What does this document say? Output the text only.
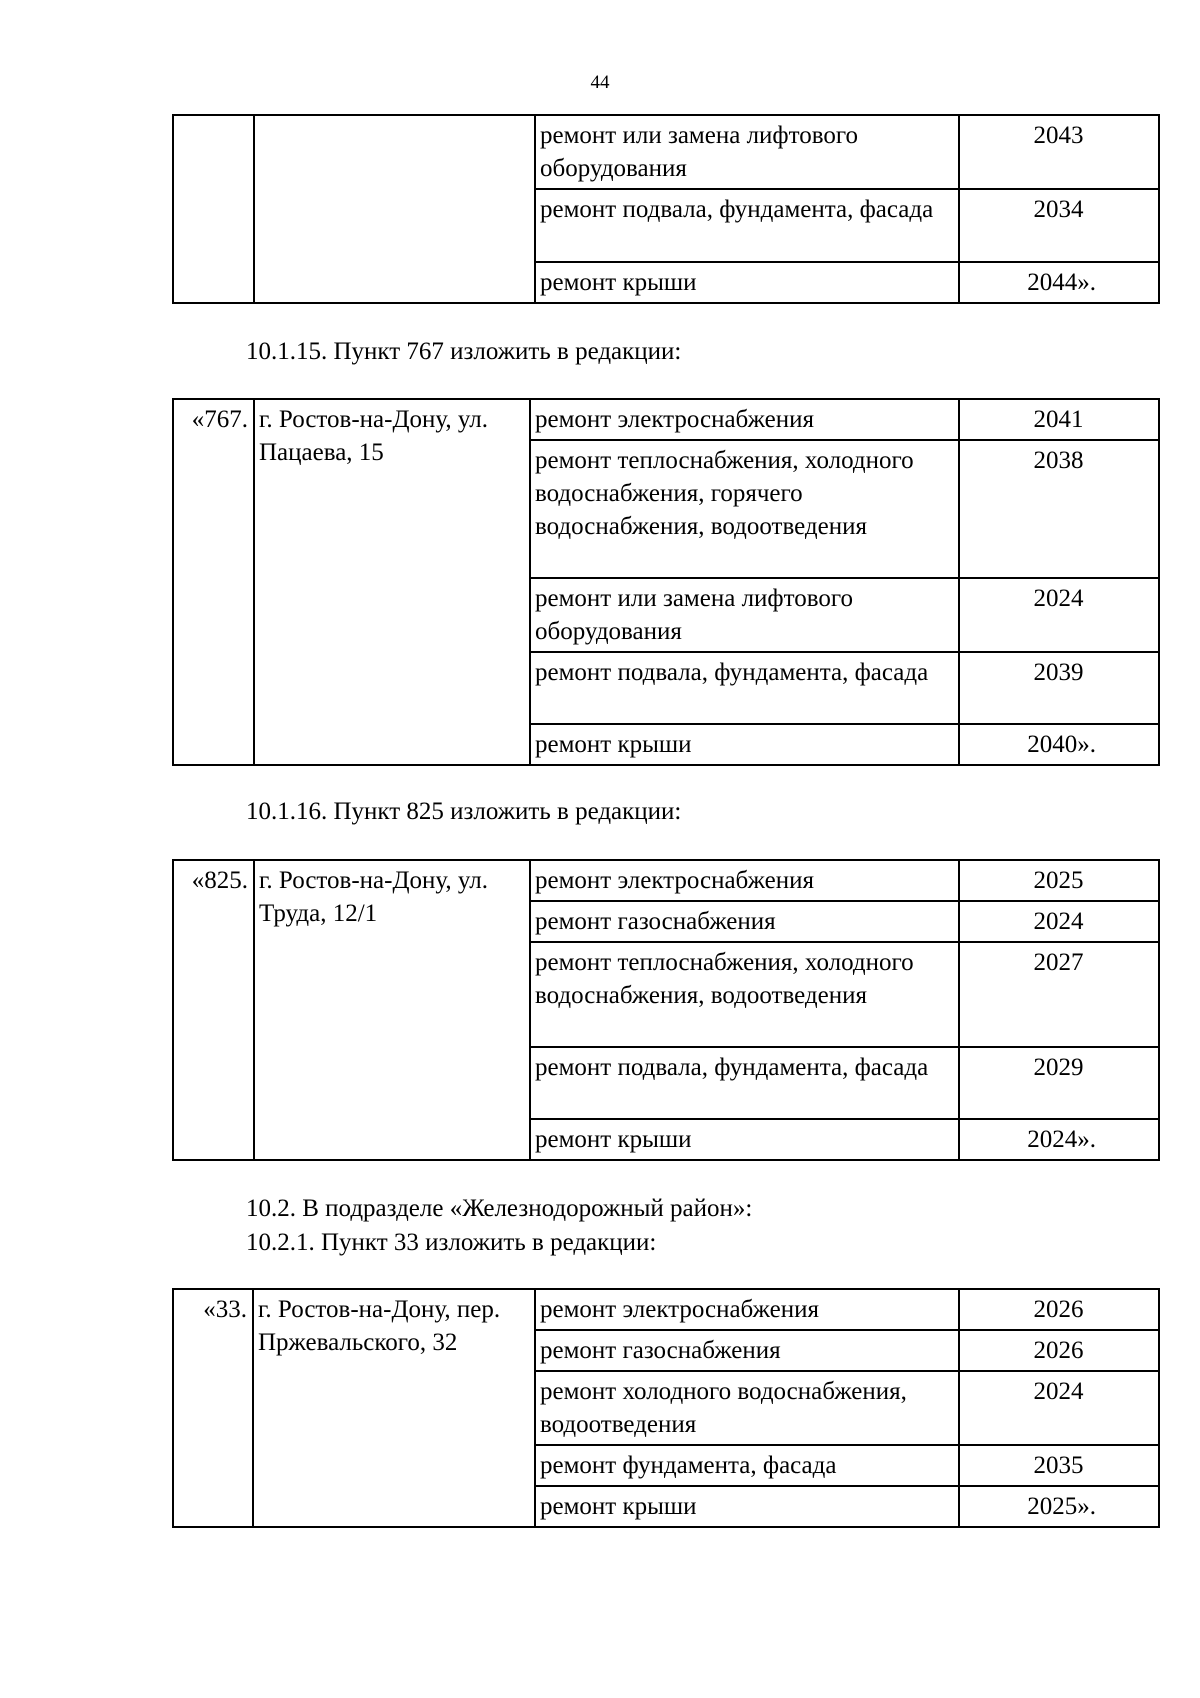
44
		ремонт или замена лифтового оборудования	2043
		ремонт подвала, фундамента, фасада	2034
		ремонт крыши	2044».
10.1.15. Пункт 767 изложить в редакции:
«767.	г. Ростов-на-Дону, ул. Пацаева, 15	ремонт электроснабжения	2041
		ремонт теплоснабжения, холодного водоснабжения, горячего водоснабжения, водоотведения	2038
		ремонт или замена лифтового оборудования	2024
		ремонт подвала, фундамента, фасада	2039
		ремонт крыши	2040».
10.1.16. Пункт 825 изложить в редакции:
«825.	г. Ростов-на-Дону, ул. Труда, 12/1	ремонт электроснабжения	2025
		ремонт газоснабжения	2024
		ремонт теплоснабжения, холодного водоснабжения, водоотведения	2027
		ремонт подвала, фундамента, фасада	2029
		ремонт крыши	2024».
10.2. В подразделе «Железнодорожный район»:
10.2.1. Пункт 33 изложить в редакции:
«33.	г. Ростов-на-Дону, пер. Пржевальского, 32	ремонт электроснабжения	2026
		ремонт газоснабжения	2026
		ремонт холодного водоснабжения, водоотведения	2024
		ремонт фундамента, фасада	2035
		ремонт крыши	2025».
